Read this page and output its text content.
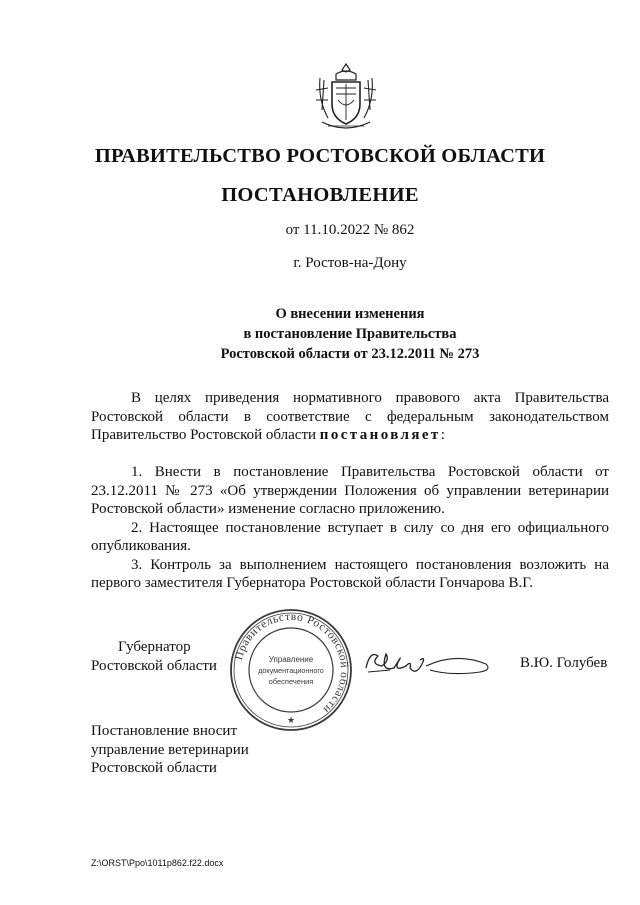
ПРАВИТЕЛЬСТВО РОСТОВСКОЙ ОБЛАСТИ
ПОСТАНОВЛЕНИЕ
от 11.10.2022 № 862
г. Ростов-на-Дону
О внесении изменения
в постановление Правительства
Ростовской области от 23.12.2011 № 273
В целях приведения нормативного правового акта Правительства Ростовской области в соответствие с федеральным законодательством Правительство Ростовской области постановляет:
1. Внести в постановление Правительства Ростовской области от 23.12.2011 № 273 «Об утверждении Положения об управлении ветеринарии Ростовской области» изменение согласно приложению.
2. Настоящее постановление вступает в силу со дня его официального опубликования.
3. Контроль за выполнением настоящего постановления возложить на первого заместителя Губернатора Ростовской области Гончарова В.Г.
Губернатор
Ростовской области
Правительство Ростовской области
Управление
документационного
обеспечения
★
В.Ю. Голубев
Постановление вносит
управление ветеринарии
Ростовской области
Z:\ORST\Ppo\1011p862.f22.docx
